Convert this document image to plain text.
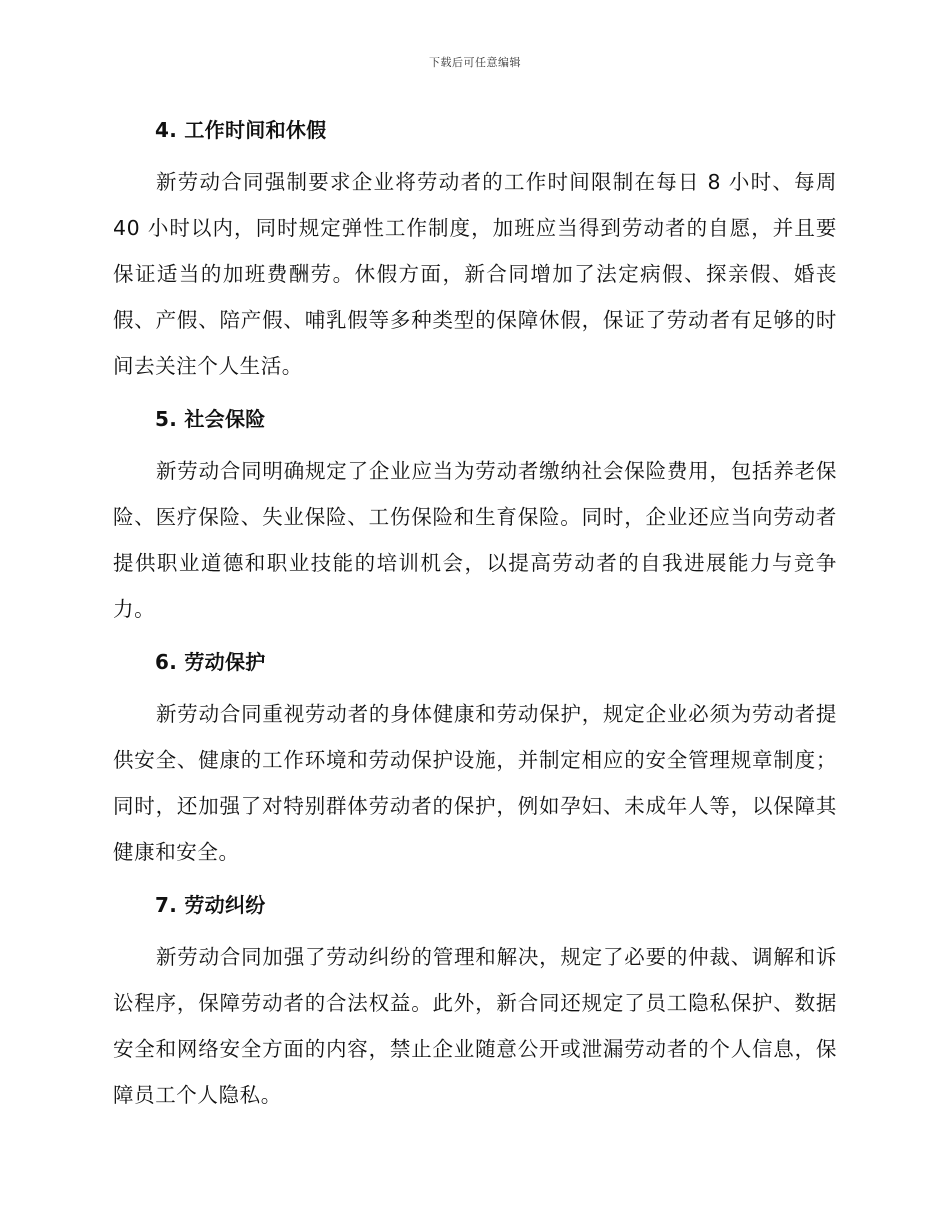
下载后可任意编辑
4. 工作时间和休假

新劳动合同强制要求企业将劳动者的工作时间限制在每日 8 小时、每周 40 小时以内，同时规定弹性工作制度，加班应当得到劳动者的自愿，并且要保证适当的加班费酬劳。休假方面，新合同增加了法定病假、探亲假、婚丧假、产假、陪产假、哺乳假等多种类型的保障休假，保证了劳动者有足够的时间去关注个人生活。

5. 社会保险

新劳动合同明确规定了企业应当为劳动者缴纳社会保险费用，包括养老保险、医疗保险、失业保险、工伤保险和生育保险。同时，企业还应当向劳动者提供职业道德和职业技能的培训机会，以提高劳动者的自我进展能力与竞争力。

6. 劳动保护

新劳动合同重视劳动者的身体健康和劳动保护，规定企业必须为劳动者提供安全、健康的工作环境和劳动保护设施，并制定相应的安全管理规章制度；同时，还加强了对特别群体劳动者的保护，例如孕妇、未成年人等，以保障其健康和安全。

7. 劳动纠纷

新劳动合同加强了劳动纠纷的管理和解决，规定了必要的仲裁、调解和诉讼程序，保障劳动者的合法权益。此外，新合同还规定了员工隐私保护、数据安全和网络安全方面的内容，禁止企业随意公开或泄漏劳动者的个人信息，保障员工个人隐私。
